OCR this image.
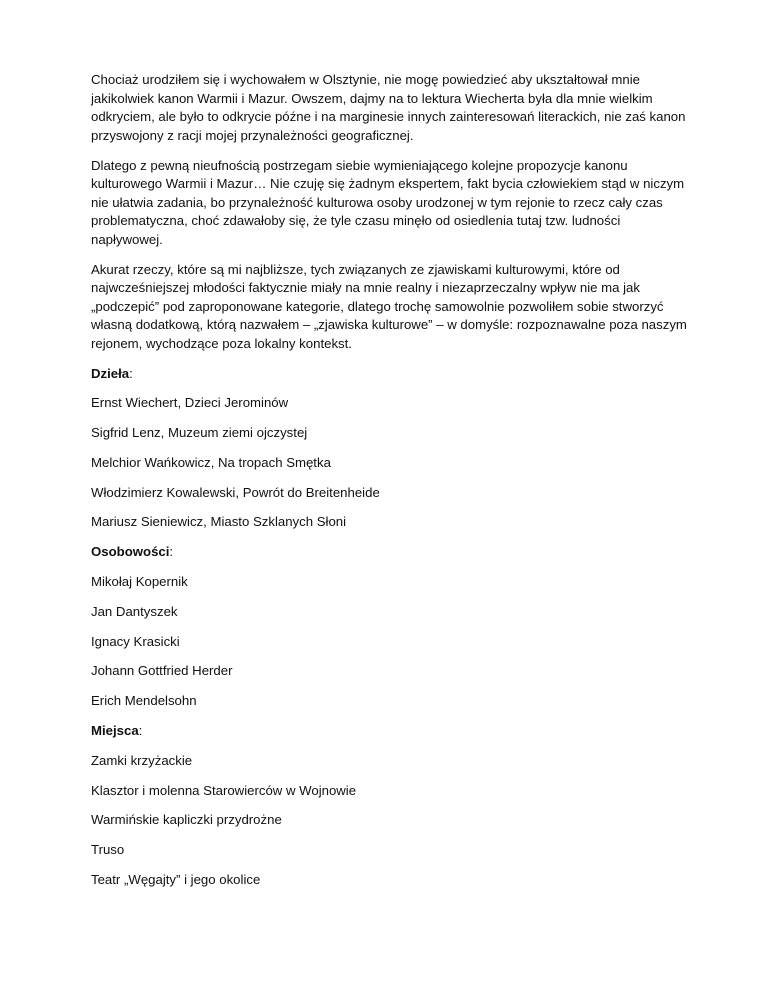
Chociaż urodziłem się i wychowałem w Olsztynie, nie mogę powiedzieć aby ukształtował mnie jakikolwiek kanon Warmii i Mazur. Owszem, dajmy na to lektura Wiecherta była dla mnie wielkim odkryciem, ale było to odkrycie późne i na marginesie innych zainteresowań literackich, nie zaś kanon przyswojony z racji mojej przynależności geograficznej.

Dlatego z pewną nieufnością postrzegam siebie wymieniającego kolejne propozycje kanonu kulturowego Warmii i Mazur… Nie czuję się żadnym ekspertem, fakt bycia człowiekiem stąd w niczym nie ułatwia zadania, bo przynależność kulturowa osoby urodzonej w tym rejonie to rzecz cały czas problematyczna, choć zdawałoby się, że tyle czasu minęło od osiedlenia tutaj tzw. ludności napływowej.

Akurat rzeczy, które są mi najbliższe, tych związanych ze zjawiskami kulturowymi, które od najwcześniejszej młodości faktycznie miały na mnie realny i niezaprzeczalny wpływ nie ma jak „podczepić” pod zaproponowane kategorie, dlatego trochę samowolnie pozwoliłem sobie stworzyć własną dodatkową, którą nazwałem – „zjawiska kulturowe” – w domyśle: rozpoznawalne poza naszym rejonem, wychodzące poza lokalny kontekst.

Dzieła:

Ernst Wiechert, Dzieci Jerominów

Sigfrid Lenz, Muzeum ziemi ojczystej

Melchior Wańkowicz, Na tropach Smętka

Włodzimierz Kowalewski, Powrót do Breitenheide

Mariusz Sieniewicz, Miasto Szklanych Słoni

Osobowości:

Mikołaj Kopernik

Jan Dantyszek

Ignacy Krasicki

Johann Gottfried Herder

Erich Mendelsohn

Miejsca:

Zamki krzyżackie

Klasztor i molenna Starowierców w Wojnowie

Warmińskie kapliczki przydrożne

Truso

Teatr „Węgajty” i jego okolice
